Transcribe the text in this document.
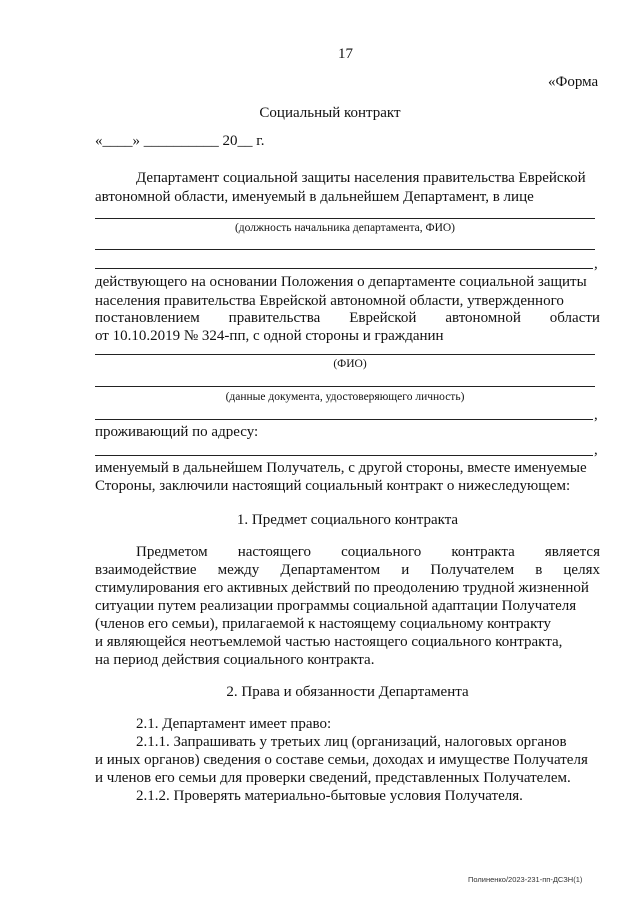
17
«Форма
Социальный контракт
«____» __________ 20__ г.
Департамент социальной защиты населения правительства Еврейской
автономной области, именуемый в дальнейшем Департамент, в лице
(должность начальника департамента, ФИО)
,
действующего на основании Положения о департаменте социальной защиты
населения правительства Еврейской автономной области, утвержденного
постановлением правительства Еврейской автономной области
от 10.10.2019 № 324-пп, с одной стороны и гражданин
(ФИО)
(данные документа, удостоверяющего личность)
,
проживающий по адресу:
,
именуемый в дальнейшем Получатель, с другой стороны, вместе именуемые
Стороны, заключили настоящий социальный контракт о нижеследующем:
1. Предмет социального контракта
Предметом настоящего социального контракта является
взаимодействие между Департаментом и Получателем в целях
стимулирования его активных действий по преодолению трудной жизненной
ситуации путем реализации программы социальной адаптации Получателя
(членов его семьи), прилагаемой к настоящему социальному контракту
и являющейся неотъемлемой частью настоящего социального контракта,
на период действия социального контракта.
2. Права и обязанности Департамента
2.1. Департамент имеет право:
2.1.1. Запрашивать у третьих лиц (организаций, налоговых органов
и иных органов) сведения о составе семьи, доходах и имуществе Получателя
и членов его семьи для проверки сведений, представленных Получателем.
2.1.2. Проверять материально-бытовые условия Получателя.
Полиненко/2023-231-пп-ДСЗН(1)
